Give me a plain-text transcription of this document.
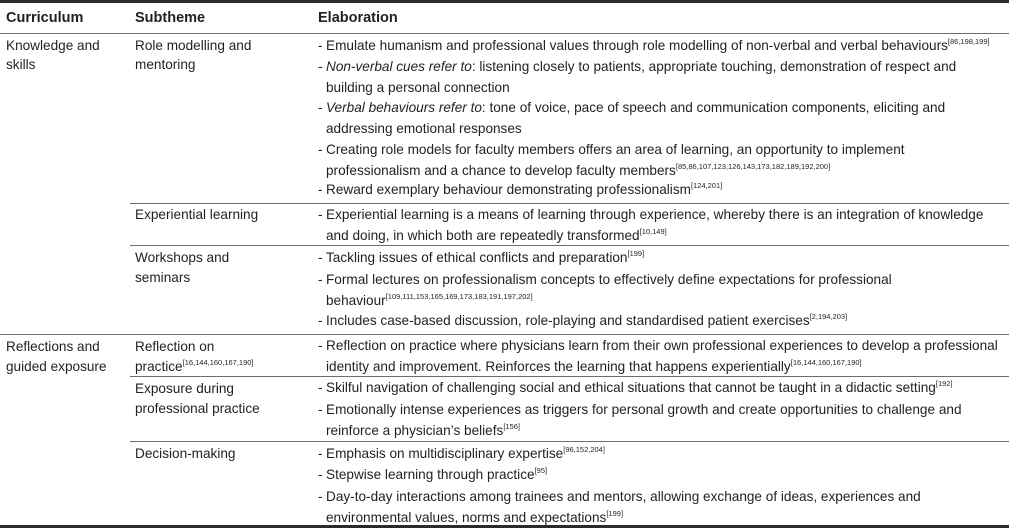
Curriculum	Subtheme	Elaboration
Knowledge and skills
Reflections and guided exposure
Role modelling and mentoring
Experiential learning
Workshops and seminars
Reflection on practice[16,144,160,167,190]
Exposure during professional practice
Decision-making
- Emulate humanism and professional values through role modelling of non-verbal and verbal behaviours[86,198,199]
- Non-verbal cues refer to: listening closely to patients, appropriate touching, demonstration of respect and building a personal connection
- Verbal behaviours refer to: tone of voice, pace of speech and communication components, eliciting and addressing emotional responses
- Creating role models for faculty members offers an area of learning, an opportunity to implement professionalism and a chance to develop faculty members[85,86,107,123,126,143,173,182,189,192,200]
- Reward exemplary behaviour demonstrating professionalism[124,201]
- Experiential learning is a means of learning through experience, whereby there is an integration of knowledge and doing, in which both are repeatedly transformed[10,149]
- Tackling issues of ethical conflicts and preparation[199]
- Formal lectures on professionalism concepts to effectively define expectations for professional behaviour[109,111,153,165,169,173,183,191,197,202]
- Includes case-based discussion, role-playing and standardised patient exercises[2,194,203]
- Reflection on practice where physicians learn from their own professional experiences to develop a professional identity and improvement. Reinforces the learning that happens experientially[16,144,160,167,190]
- Skilful navigation of challenging social and ethical situations that cannot be taught in a didactic setting[192]
- Emotionally intense experiences as triggers for personal growth and create opportunities to challenge and reinforce a physician’s beliefs[156]
- Emphasis on multidisciplinary expertise[96,152,204]
- Stepwise learning through practice[95]
- Day-to-day interactions among trainees and mentors, allowing exchange of ideas, experiences and environmental values, norms and expectations[199]
